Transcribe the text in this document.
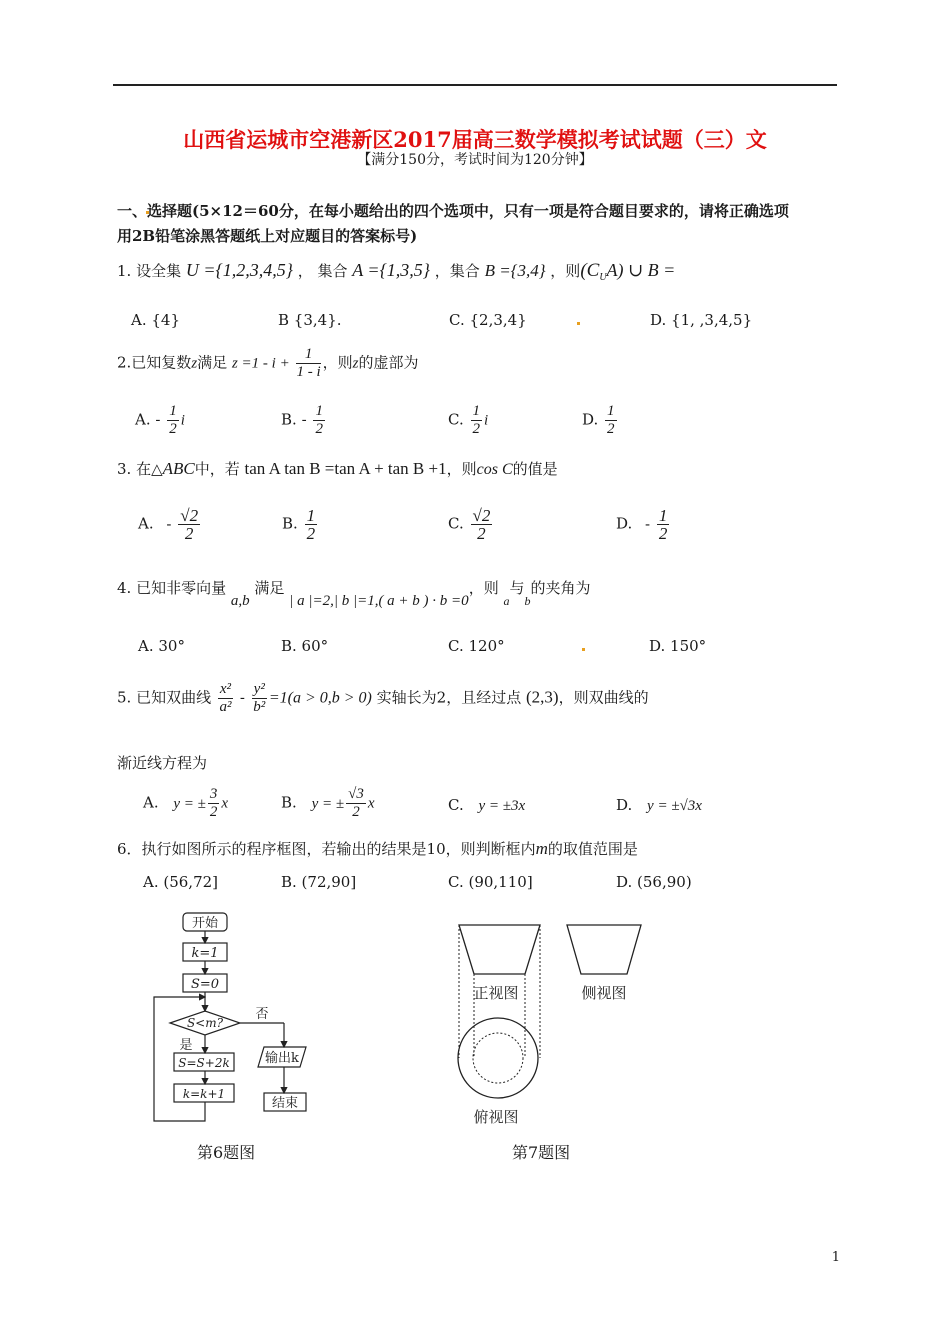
山西省运城市空港新区2017届高三数学模拟考试试题（三）文
【满分150分，考试时间为120分钟】
一、选择题(5×12＝60分，在每小题给出的四个选项中，只有一项是符合题目要求的，请将正确选项
用2B铅笔涂黑答题纸上对应题目的答案标号)
1. 设全集 U ={1,2,3,4,5} ， 集合 A ={1,3,5} ，集合 B ={3,4} ，则$(C_UA)$ ∪ B =
A. {4}	B {3,4}.	C. {2,3,4}	D. {1, ,3,4,5}
2.已知复数z满足 $z =1 - i + \frac{1}{1 - i}$ ，则z的虚部为
A. - $\frac{1}{2}$ i	B. - $\frac{1}{2}$	C. $\frac{1}{2}$ i	D. $\frac{1}{2}$
3. 在△ABC中，若 tan A tan B =tan A + tan B +1，则cos C的值是
A. - $\frac{√2}{2}$	B. $\frac{1}{2}$	C. $\frac{√2}{2}$	D. - $\frac{1}{2}$
4. 已知非零向量 a,b 满足 | a |=2,| b |=1,( a + b ) · b =0，则 $_a$与$_b$的夹角为
A. 30°	B. 60°	C. 120°	D. 150°
5. 已知双曲线 $\frac{\text{x²}}{\text{a²}} - \frac{\text{y²}}{\text{b²}} =1(a > 0,b > 0)$ 实轴长为2，且经过点 (2,3)，则双曲线的
渐近线方程为
A. y = ± $\frac{3}{2}$ x	B. y = ± $\frac{√3}{2}$ x	C. y = ±3x	D. y = ±√3x
6．执行如图所示的程序框图，若输出的结果是10，则判断框内m的取值范围是
A. (56,72]	B. (72,90]	C. (90,110]	D. (56,90)
开始
k=1
S=0
S<m?
否
是
S=S+2k
k=k+1
输出k
结束
第6题图
正视图	侧视图
俯视图
第7题图
1
